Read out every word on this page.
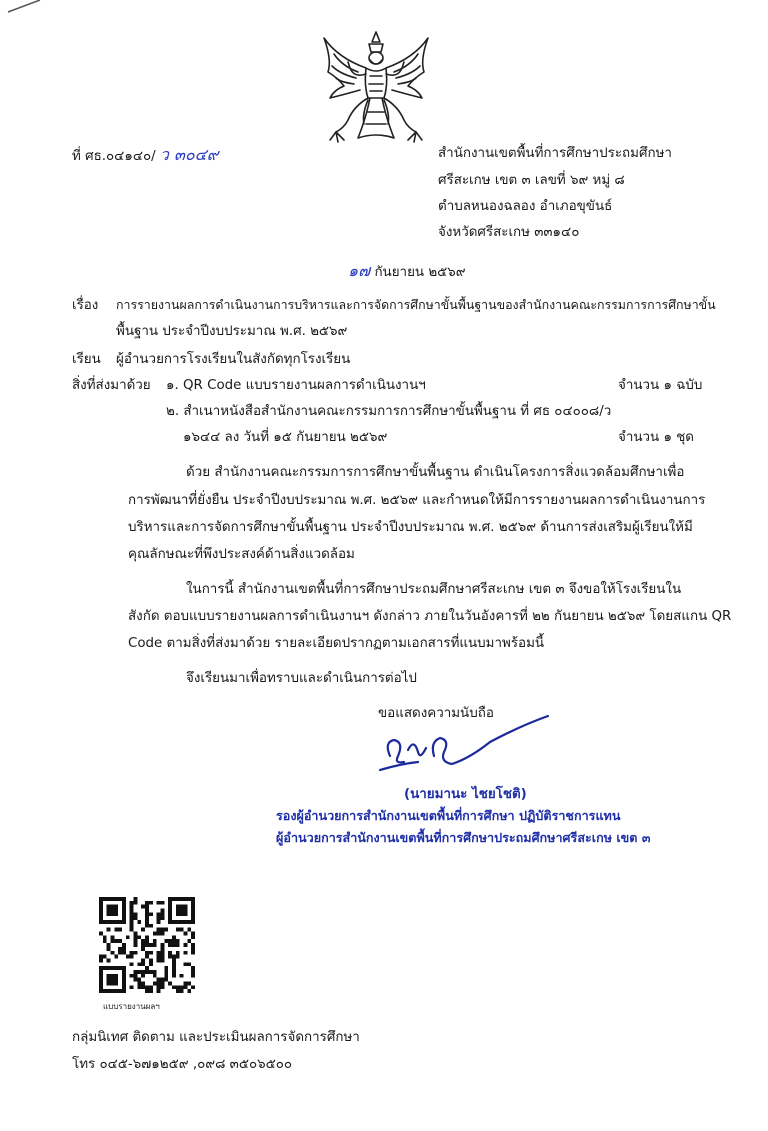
ที่ ศธ.๐๔๑๔๐/ ว ๓๐๔๙	สำนักงานเขตพื้นที่การศึกษาประถมศึกษา
ศรีสะเกษ เขต ๓ เลขที่ ๖๙ หมู่ ๘
ตำบลหนองฉลอง อำเภอขุขันธ์
จังหวัดศรีสะเกษ ๓๓๑๔๐
๑๗ กันยายน ๒๕๖๙
เรื่อง การรายงานผลการดำเนินงานการบริหารและการจัดการศึกษาขั้นพื้นฐานของสำนักงานคณะกรรมการการศึกษาขั้น
พื้นฐาน ประจำปีงบประมาณ พ.ศ. ๒๕๖๙
เรียน ผู้อำนวยการโรงเรียนในสังกัดทุกโรงเรียน
สิ่งที่ส่งมาด้วย ๑. QR Code แบบรายงานผลการดำเนินงานฯ	จำนวน ๑ ฉบับ
๒. สำเนาหนังสือสำนักงานคณะกรรมการการศึกษาขั้นพื้นฐาน ที่ ศธ ๐๔๐๐๘/ว
๑๖๔๔ ลง วันที่ ๑๕ กันยายน ๒๕๖๙	จำนวน ๑ ชุด
ด้วย สำนักงานคณะกรรมการการศึกษาขั้นพื้นฐาน ดำเนินโครงการสิ่งแวดล้อมศึกษาเพื่อ
การพัฒนาที่ยั่งยืน ประจำปีงบประมาณ พ.ศ. ๒๕๖๙ และกำหนดให้มีการรายงานผลการดำเนินงานการ
บริหารและการจัดการศึกษาขั้นพื้นฐาน ประจำปีงบประมาณ พ.ศ. ๒๕๖๙ ด้านการส่งเสริมผู้เรียนให้มี
คุณลักษณะที่พึงประสงค์ด้านสิ่งแวดล้อม
ในการนี้ สำนักงานเขตพื้นที่การศึกษาประถมศึกษาศรีสะเกษ เขต ๓ จึงขอให้โรงเรียนใน
สังกัด ตอบแบบรายงานผลการดำเนินงานฯ ดังกล่าว ภายในวันอังคารที่ ๒๒ กันยายน ๒๕๖๙ โดยสแกน QR
Code ตามสิ่งที่ส่งมาด้วย รายละเอียดปรากฏตามเอกสารที่แนบมาพร้อมนี้
จึงเรียนมาเพื่อทราบและดำเนินการต่อไป
ขอแสดงความนับถือ
(นายมานะ ไชยโชติ)
รองผู้อำนวยการสำนักงานเขตพื้นที่การศึกษา ปฏิบัติราชการแทน
ผู้อำนวยการสำนักงานเขตพื้นที่การศึกษาประถมศึกษาศรีสะเกษ เขต ๓
แบบรายงานผลฯ
กลุ่มนิเทศ ติดตาม และประเมินผลการจัดการศึกษา
โทร ๐๔๕-๖๗๑๒๕๙ ,๐๙๘ ๓๕๐๖๕๐๐
